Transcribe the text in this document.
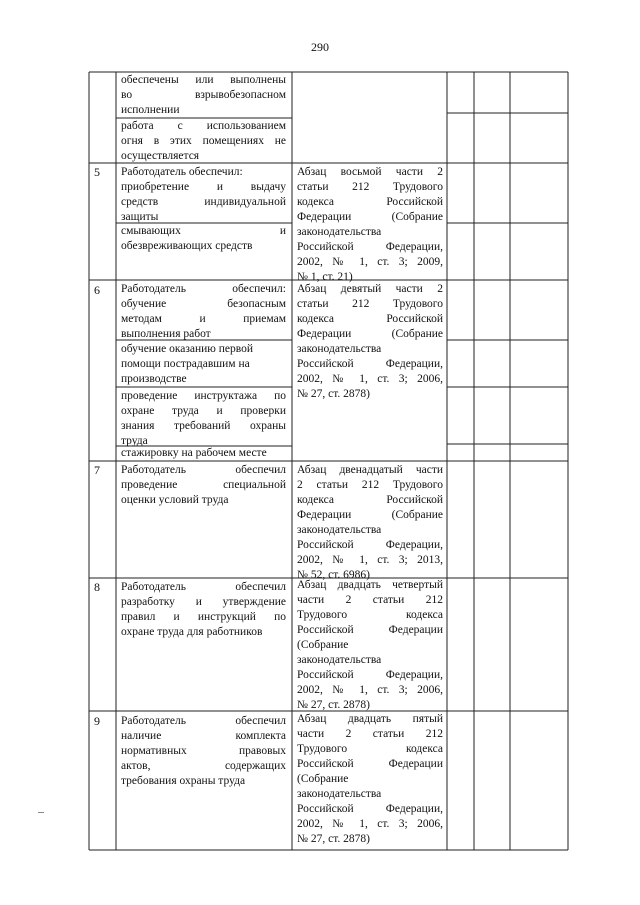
290
обеспечены или выполнены
во взрывобезопасном
исполнении
работа с использованием
огня в этих помещениях не
осуществляется
5 Работодатель обеспечил:
приобретение и выдачу
средств индивидуальной
защиты
смывающих и
обезвреживающих средств
Абзац восьмой части 2
статьи 212 Трудового
кодекса Российской
Федерации (Собрание
законодательства
Российской Федерации,
2002, № 1, ст. 3; 2009,
№ 1, ст. 21)
6 Работодатель обеспечил:
обучение безопасным
методам и приемам
выполнения работ
обучение оказанию первой
помощи пострадавшим на
производстве
проведение инструктажа по
охране труда и проверки
знания требований охраны
труда
стажировку на рабочем месте
Абзац девятый части 2
статьи 212 Трудового
кодекса Российской
Федерации (Собрание
законодательства
Российской Федерации,
2002, № 1, ст. 3; 2006,
№ 27, ст. 2878)
7 Работодатель обеспечил
проведение специальной
оценки условий труда
Абзац двенадцатый части
2 статьи 212 Трудового
кодекса Российской
Федерации (Собрание
законодательства
Российской Федерации,
2002, № 1, ст. 3; 2013,
№ 52, ст. 6986)
8 Работодатель обеспечил
разработку и утверждение
правил и инструкций по
охране труда для работников
Абзац двадцать четвертый
части 2 статьи 212
Трудового кодекса
Российской Федерации
(Собрание
законодательства
Российской Федерации,
2002, № 1, ст. 3; 2006,
№ 27, ст. 2878)
9 Работодатель обеспечил
наличие комплекта
нормативных правовых
актов, содержащих
требования охраны труда
Абзац двадцать пятый
части 2 статьи 212
Трудового кодекса
Российской Федерации
(Собрание
законодательства
Российской Федерации,
2002, № 1, ст. 3; 2006,
№ 27, ст. 2878)
